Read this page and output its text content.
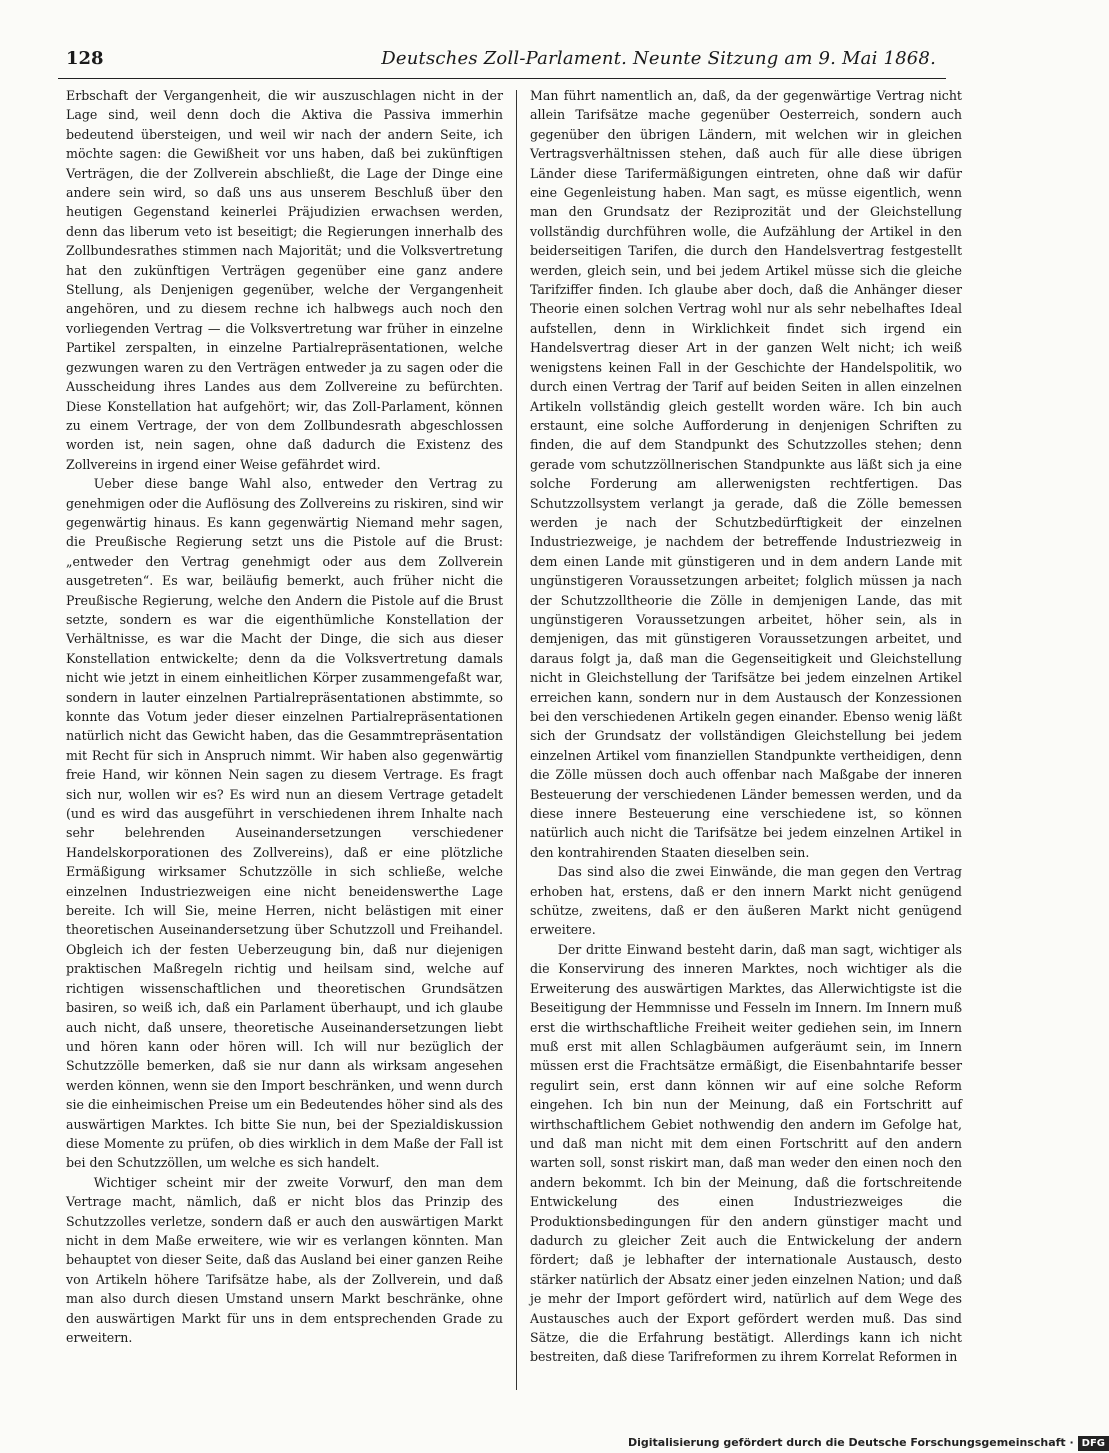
128	Deutsches Zoll-Parlament. Neunte Sitzung am 9. Mai 1868.

Erbschaft der Vergangenheit, die wir auszuschlagen nicht in der Lage sind, weil denn doch die Aktiva die Passiva immerhin bedeutend übersteigen, und weil wir nach der andern Seite, ich möchte sagen: die Gewißheit vor uns haben, daß bei zukünftigen Verträgen, die der Zollverein abschließt, die Lage der Dinge eine andere sein wird, so daß uns aus unserem Beschluß über den heutigen Gegenstand keinerlei Präjudizien erwachsen werden, denn das liberum veto ist beseitigt; die Regierungen innerhalb des Zollbundesrathes stimmen nach Majorität; und die Volksvertretung hat den zukünftigen Verträgen gegenüber eine ganz andere Stellung, als Denjenigen gegenüber, welche der Vergangenheit angehören, und zu diesem rechne ich halbwegs auch noch den vorliegenden Vertrag — die Volksvertretung war früher in einzelne Partikel zerspalten, in einzelne Partialrepräsentationen, welche gezwungen waren zu den Verträgen entweder ja zu sagen oder die Ausscheidung ihres Landes aus dem Zollvereine zu befürchten. Diese Konstellation hat aufgehört; wir, das Zoll-Parlament, können zu einem Vertrage, der von dem Zollbundesrath abgeschlossen worden ist, nein sagen, ohne daß dadurch die Existenz des Zollvereins in irgend einer Weise gefährdet wird.

Ueber diese bange Wahl also, entweder den Vertrag zu genehmigen oder die Auflösung des Zollvereins zu riskiren, sind wir gegenwärtig hinaus. Es kann gegenwärtig Niemand mehr sagen, die Preußische Regierung setzt uns die Pistole auf die Brust: „entweder den Vertrag genehmigt oder aus dem Zollverein ausgetreten“. Es war, beiläufig bemerkt, auch früher nicht die Preußische Regierung, welche den Andern die Pistole auf die Brust setzte, sondern es war die eigenthümliche Konstellation der Verhältnisse, es war die Macht der Dinge, die sich aus dieser Konstellation entwickelte; denn da die Volksvertretung damals nicht wie jetzt in einem einheitlichen Körper zusammengefaßt war, sondern in lauter einzelnen Partialrepräsentationen abstimmte, so konnte das Votum jeder dieser einzelnen Partialrepräsentationen natürlich nicht das Gewicht haben, das die Gesammtrepräsentation mit Recht für sich in Anspruch nimmt. Wir haben also gegenwärtig freie Hand, wir können Nein sagen zu diesem Vertrage. Es fragt sich nur, wollen wir es? Es wird nun an diesem Vertrage getadelt (und es wird das ausgeführt in verschiedenen ihrem Inhalte nach sehr belehrenden Auseinandersetzungen verschiedener Handelskorporationen des Zollvereins), daß er eine plötzliche Ermäßigung wirksamer Schutzzölle in sich schließe, welche einzelnen Industriezweigen eine nicht beneidenswerthe Lage bereite. Ich will Sie, meine Herren, nicht belästigen mit einer theoretischen Auseinandersetzung über Schutzzoll und Freihandel. Obgleich ich der festen Ueberzeugung bin, daß nur diejenigen praktischen Maßregeln richtig und heilsam sind, welche auf richtigen wissenschaftlichen und theoretischen Grundsätzen basiren, so weiß ich, daß ein Parlament überhaupt, und ich glaube auch nicht, daß unsere, theoretische Auseinandersetzungen liebt und hören kann oder hören will. Ich will nur bezüglich der Schutzzölle bemerken, daß sie nur dann als wirksam angesehen werden können, wenn sie den Import beschränken, und wenn durch sie die einheimischen Preise um ein Bedeutendes höher sind als des auswärtigen Marktes. Ich bitte Sie nun, bei der Spezialdiskussion diese Momente zu prüfen, ob dies wirklich in dem Maße der Fall ist bei den Schutzzöllen, um welche es sich handelt.

Wichtiger scheint mir der zweite Vorwurf, den man dem Vertrage macht, nämlich, daß er nicht blos das Prinzip des Schutzzolles verletze, sondern daß er auch den auswärtigen Markt nicht in dem Maße erweitere, wie wir es verlangen könnten. Man behauptet von dieser Seite, daß das Ausland bei einer ganzen Reihe von Artikeln höhere Tarifsätze habe, als der Zollverein, und daß man also durch diesen Umstand unsern Markt beschränke, ohne den auswärtigen Markt für uns in dem entsprechenden Grade zu erweitern.

Man führt namentlich an, daß, da der gegenwärtige Vertrag nicht allein Tarifsätze mache gegenüber Oesterreich, sondern auch gegenüber den übrigen Ländern, mit welchen wir in gleichen Vertragsverhältnissen stehen, daß auch für alle diese übrigen Länder diese Tarifermäßigungen eintreten, ohne daß wir dafür eine Gegenleistung haben. Man sagt, es müsse eigentlich, wenn man den Grundsatz der Reziprozität und der Gleichstellung vollständig durchführen wolle, die Aufzählung der Artikel in den beiderseitigen Tarifen, die durch den Handelsvertrag festgestellt werden, gleich sein, und bei jedem Artikel müsse sich die gleiche Tarifziffer finden. Ich glaube aber doch, daß die Anhänger dieser Theorie einen solchen Vertrag wohl nur als sehr nebelhaftes Ideal aufstellen, denn in Wirklichkeit findet sich irgend ein Handelsvertrag dieser Art in der ganzen Welt nicht; ich weiß wenigstens keinen Fall in der Geschichte der Handelspolitik, wo durch einen Vertrag der Tarif auf beiden Seiten in allen einzelnen Artikeln vollständig gleich gestellt worden wäre. Ich bin auch erstaunt, eine solche Aufforderung in denjenigen Schriften zu finden, die auf dem Standpunkt des Schutzzolles stehen; denn gerade vom schutzzöllnerischen Standpunkte aus läßt sich ja eine solche Forderung am allerwenigsten rechtfertigen. Das Schutzzollsystem verlangt ja gerade, daß die Zölle bemessen werden je nach der Schutzbedürftigkeit der einzelnen Industriezweige, je nachdem der betreffende Industriezweig in dem einen Lande mit günstigeren und in dem andern Lande mit ungünstigeren Voraussetzungen arbeitet; folglich müssen ja nach der Schutzzolltheorie die Zölle in demjenigen Lande, das mit ungünstigeren Voraussetzungen arbeitet, höher sein, als in demjenigen, das mit günstigeren Voraussetzungen arbeitet, und daraus folgt ja, daß man die Gegenseitigkeit und Gleichstellung nicht in Gleichstellung der Tarifsätze bei jedem einzelnen Artikel erreichen kann, sondern nur in dem Austausch der Konzessionen bei den verschiedenen Artikeln gegen einander. Ebenso wenig läßt sich der Grundsatz der vollständigen Gleichstellung bei jedem einzelnen Artikel vom finanziellen Standpunkte vertheidigen, denn die Zölle müssen doch auch offenbar nach Maßgabe der inneren Besteuerung der verschiedenen Länder bemessen werden, und da diese innere Besteuerung eine verschiedene ist, so können natürlich auch nicht die Tarifsätze bei jedem einzelnen Artikel in den kontrahirenden Staaten dieselben sein.

Das sind also die zwei Einwände, die man gegen den Vertrag erhoben hat, erstens, daß er den innern Markt nicht genügend schütze, zweitens, daß er den äußeren Markt nicht genügend erweitere.

Der dritte Einwand besteht darin, daß man sagt, wichtiger als die Konservirung des inneren Marktes, noch wichtiger als die Erweiterung des auswärtigen Marktes, das Allerwichtigste ist die Beseitigung der Hemmnisse und Fesseln im Innern. Im Innern muß erst die wirthschaftliche Freiheit weiter gediehen sein, im Innern muß erst mit allen Schlagbäumen aufgeräumt sein, im Innern müssen erst die Frachtsätze ermäßigt, die Eisenbahntarife besser regulirt sein, erst dann können wir auf eine solche Reform eingehen. Ich bin nun der Meinung, daß ein Fortschritt auf wirthschaftlichem Gebiet nothwendig den andern im Gefolge hat, und daß man nicht mit dem einen Fortschritt auf den andern warten soll, sonst riskirt man, daß man weder den einen noch den andern bekommt. Ich bin der Meinung, daß die fortschreitende Entwickelung des einen Industriezweiges die Produktionsbedingungen für den andern günstiger macht und dadurch zu gleicher Zeit auch die Entwickelung der andern fördert; daß je lebhafter der internationale Austausch, desto stärker natürlich der Absatz einer jeden einzelnen Nation; und daß je mehr der Import gefördert wird, natürlich auf dem Wege des Austausches auch der Export gefördert werden muß. Das sind Sätze, die die Erfahrung bestätigt. Allerdings kann ich nicht bestreiten, daß diese Tarifreformen zu ihrem Korrelat Reformen in

Digitalisierung gefördert durch die Deutsche Forschungsgemeinschaft · DFG
